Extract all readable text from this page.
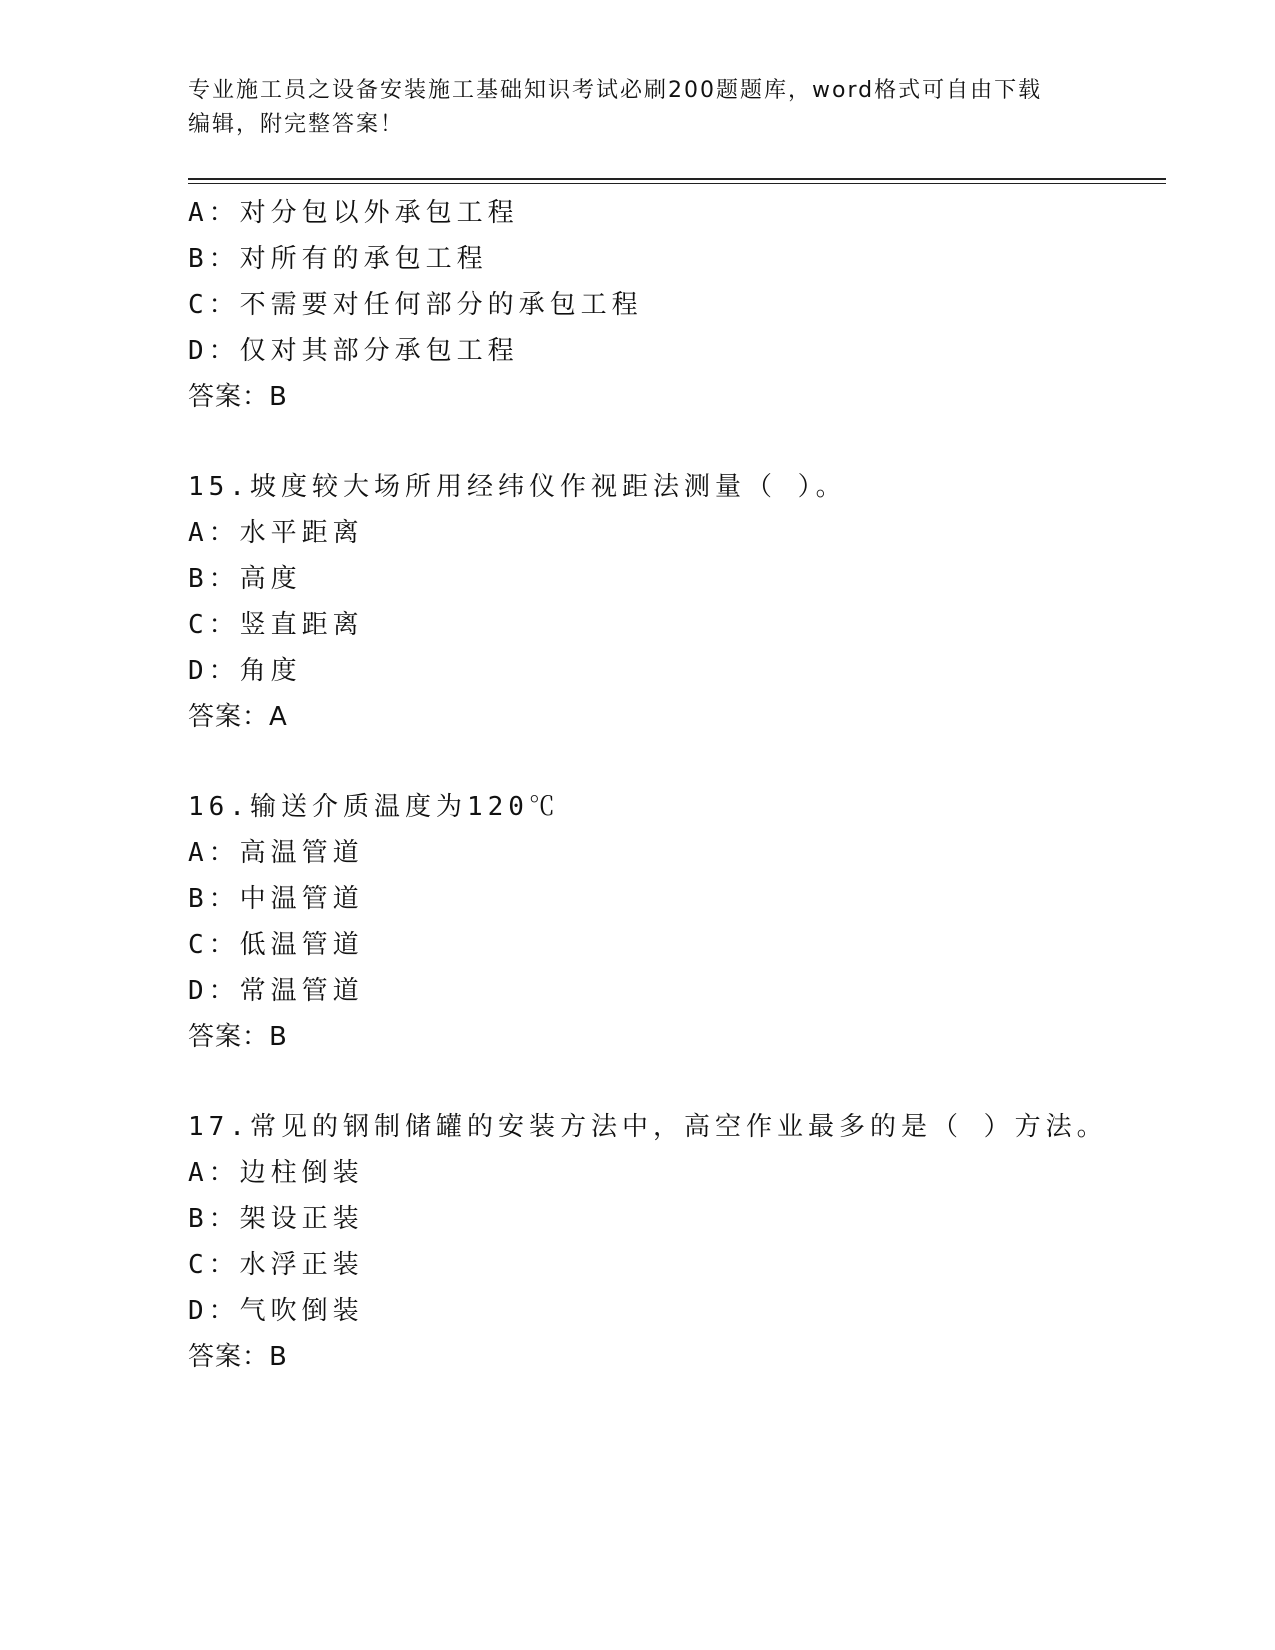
专业施工员之设备安装施工基础知识考试必刷200题题库，word格式可自由下载
编辑，附完整答案！
A：对分包以外承包工程
B：对所有的承包工程
C：不需要对任何部分的承包工程
D：仅对其部分承包工程
答案：B
15.坡度较大场所用经纬仪作视距法测量（ ）。
A：水平距离
B：高度
C：竖直距离
D：角度
答案：A
16.输送介质温度为120℃
A：高温管道
B：中温管道
C：低温管道
D：常温管道
答案：B
17.常见的钢制储罐的安装方法中，高空作业最多的是（ ）方法。
A：边柱倒装
B：架设正装
C：水浮正装
D：气吹倒装
答案：B
